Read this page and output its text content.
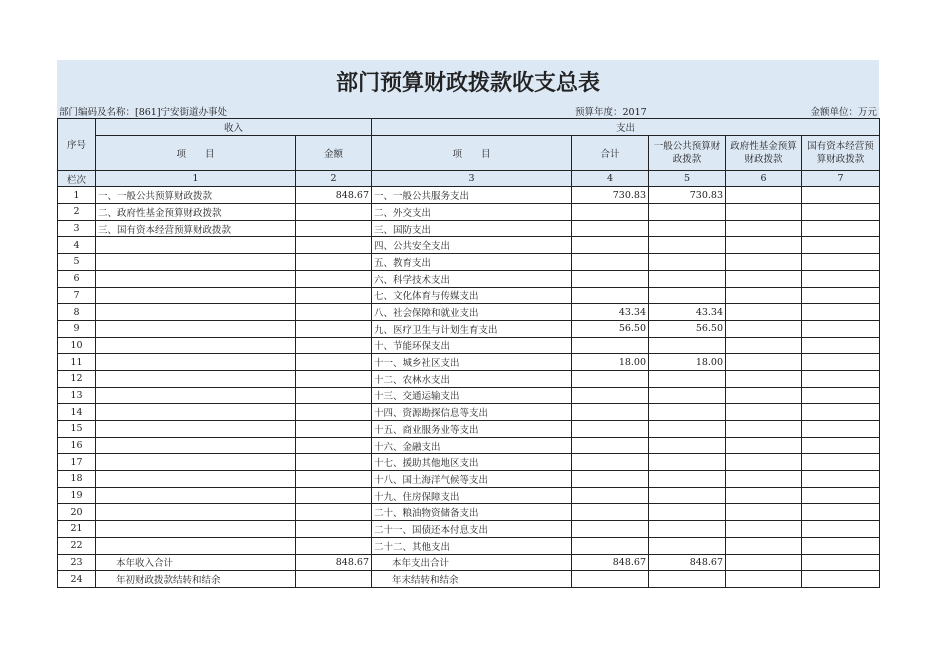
部门预算财政拨款收支总表
部门编码及名称：[861]宁安街道办事处	预算年度：2017	金额单位：万元
序号	收入		支出				
	项　　目	金额	项　　目	合计	一般公共预算财政拨款	政府性基金预算财政拨款	国有资本经营预算财政拨款
栏次	1	2	3	4	5	6	7
1	一、一般公共预算财政拨款	848.67	一、一般公共服务支出	730.83	730.83		
2	二、政府性基金预算财政拨款		二、外交支出				
3	三、国有资本经营预算财政拨款		三、国防支出				
4			四、公共安全支出				
5			五、教育支出				
6			六、科学技术支出				
7			七、文化体育与传媒支出				
8			八、社会保障和就业支出	43.34	43.34		
9			九、医疗卫生与计划生育支出	56.50	56.50		
10			十、节能环保支出				
11			十一、城乡社区支出	18.00	18.00		
12			十二、农林水支出				
13			十三、交通运输支出				
14			十四、资源勘探信息等支出				
15			十五、商业服务业等支出				
16			十六、金融支出				
17			十七、援助其他地区支出				
18			十八、国土海洋气候等支出				
19			十九、住房保障支出				
20			二十、粮油物资储备支出				
21			二十一、国债还本付息支出				
22			二十二、其他支出				
23	本年收入合计	848.67	本年支出合计	848.67	848.67		
24	年初财政拨款结转和结余		年末结转和结余				
